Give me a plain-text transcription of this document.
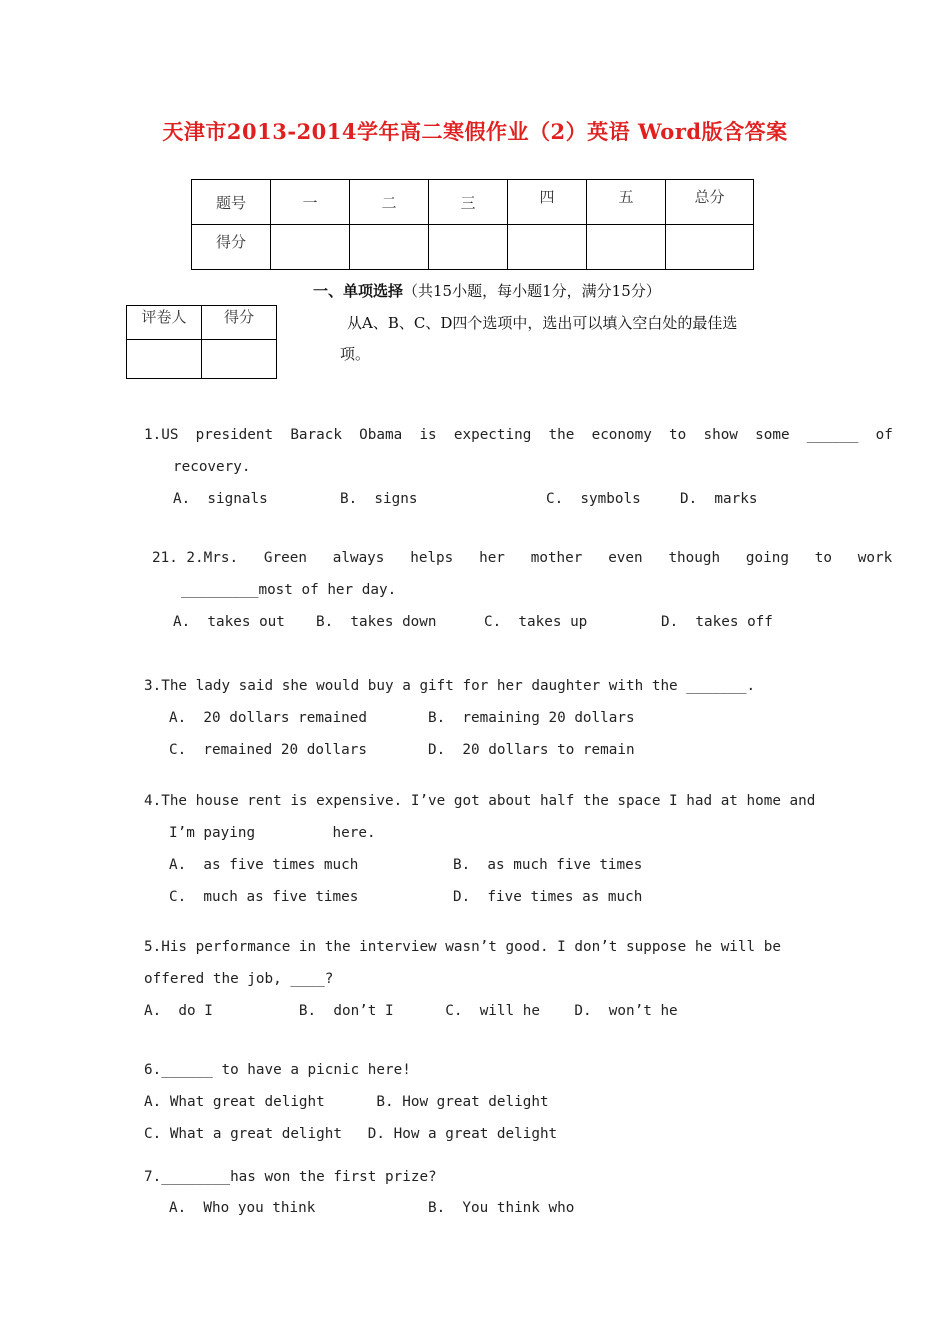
天津市2013-2014学年高二寒假作业（2）英语 Word版含答案
题号	一	二	三	四	五	总分
得分						
一、单项选择（共15小题，每小题1分，满分15分）
评卷人	得分
		从A、B、C、D四个选项中，选出可以填入空白处的最佳选
项。
1.US  president  Barack  Obama  is  expecting  the  economy  to  show  some  ______  of
recovery.
A.  signals	B.  signs	C.  symbols	D.  marks
21. 2.Mrs.   Green   always   helps   her   mother   even   though   going   to   work
_________most of her day.
A.  takes out B.  takes down	C.  takes up	D.  takes off
3.The lady said she would buy a gift for her daughter with the _______.
A.  20 dollars remained	B.  remaining 20 dollars
C.  remained 20 dollars	D.  20 dollars to remain
4.The house rent is expensive. I’ve got about half the space I had at home and
I’m paying         here.
A.  as five times much	B.  as much five times
C.  much as five times	D.  five times as much
5.His performance in the interview wasn’t good. I don’t suppose he will be
offered the job, ____?
A.  do I          B.  don’t I      C.  will he    D.  won’t he
6.______ to have a picnic here!
A. What great delight      B. How great delight
C. What a great delight   D. How a great delight
7.________has won the first prize?
A.  Who you think	B.  You think who
